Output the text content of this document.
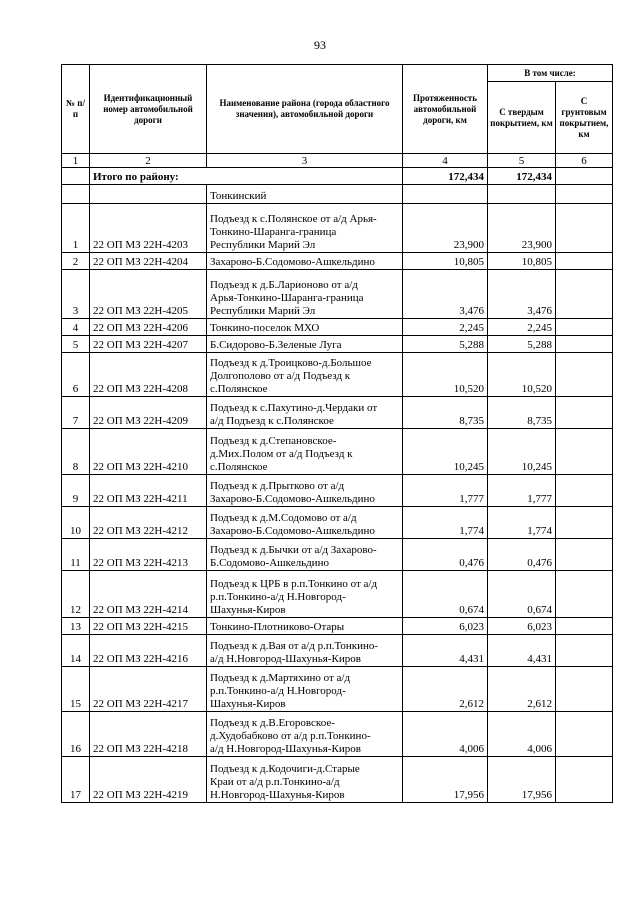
93
№ п/п	Идентификационный номер автомобильной дороги	Наименование района (города областного значения), автомобильной дороги	Протяженность автомобильной дороги, км	В том числе:	
				С твердым покрытием, км	С грунтовым покрытием, км
1	2	3	4	5	6
	Итого по району:		172,434	172,434	
		Тонкинский			
1	22 ОП МЗ 22Н-4203	Подъезд к с.Полянское от а/д Арья-
Тонкино-Шаранга-граница
Республики Марий Эл	23,900	23,900	
2	22 ОП МЗ 22Н-4204	Захарово-Б.Содомово-Ашкельдино	10,805	10,805	
3	22 ОП МЗ 22Н-4205	Подъезд к д.Б.Ларионово от а/д
Арья-Тонкино-Шаранга-граница
Республики Марий Эл	3,476	3,476	
4	22 ОП МЗ 22Н-4206	Тонкино-поселок МХО	2,245	2,245	
5	22 ОП МЗ 22Н-4207	Б.Сидорово-Б.Зеленые Луга	5,288	5,288	
6	22 ОП МЗ 22Н-4208	Подъезд к д.Троицково-д.Большое
Долгополово от а/д Подъезд к
с.Полянское	10,520	10,520	
7	22 ОП МЗ 22Н-4209	Подъезд к с.Пахутино-д.Чердаки от
а/д Подъезд к с.Полянское	8,735	8,735	
8	22 ОП МЗ 22Н-4210	Подъезд к д.Степановское-
д.Мих.Полом от а/д Подъезд к
с.Полянское	10,245	10,245	
9	22 ОП МЗ 22Н-4211	Подъезд к д.Прытково от а/д
Захарово-Б.Содомово-Ашкельдино	1,777	1,777	
10	22 ОП МЗ 22Н-4212	Подъезд к д.М.Содомово от а/д
Захарово-Б.Содомово-Ашкельдино	1,774	1,774	
11	22 ОП МЗ 22Н-4213	Подъезд к д.Бычки от а/д Захарово-
Б.Содомово-Ашкельдино	0,476	0,476	
12	22 ОП МЗ 22Н-4214	Подъезд к ЦРБ в р.п.Тонкино от а/д
р.п.Тонкино-а/д Н.Новгород-
Шахунья-Киров	0,674	0,674	
13	22 ОП МЗ 22Н-4215	Тонкино-Плотниково-Отары	6,023	6,023	
14	22 ОП МЗ 22Н-4216	Подъезд к д.Вая от а/д р.п.Тонкино-
а/д Н.Новгород-Шахунья-Киров	4,431	4,431	
15	22 ОП МЗ 22Н-4217	Подъезд к д.Мартяхино от а/д
р.п.Тонкино-а/д Н.Новгород-
Шахунья-Киров	2,612	2,612	
16	22 ОП МЗ 22Н-4218	Подъезд к д.В.Егоровское-
д.Худобабково от а/д р.п.Тонкино-
а/д Н.Новгород-Шахунья-Киров	4,006	4,006	
17	22 ОП МЗ 22Н-4219	Подъезд к д.Кодочиги-д.Старые
Краи от а/д р.п.Тонкино-а/д
Н.Новгород-Шахунья-Киров	17,956	17,956	
